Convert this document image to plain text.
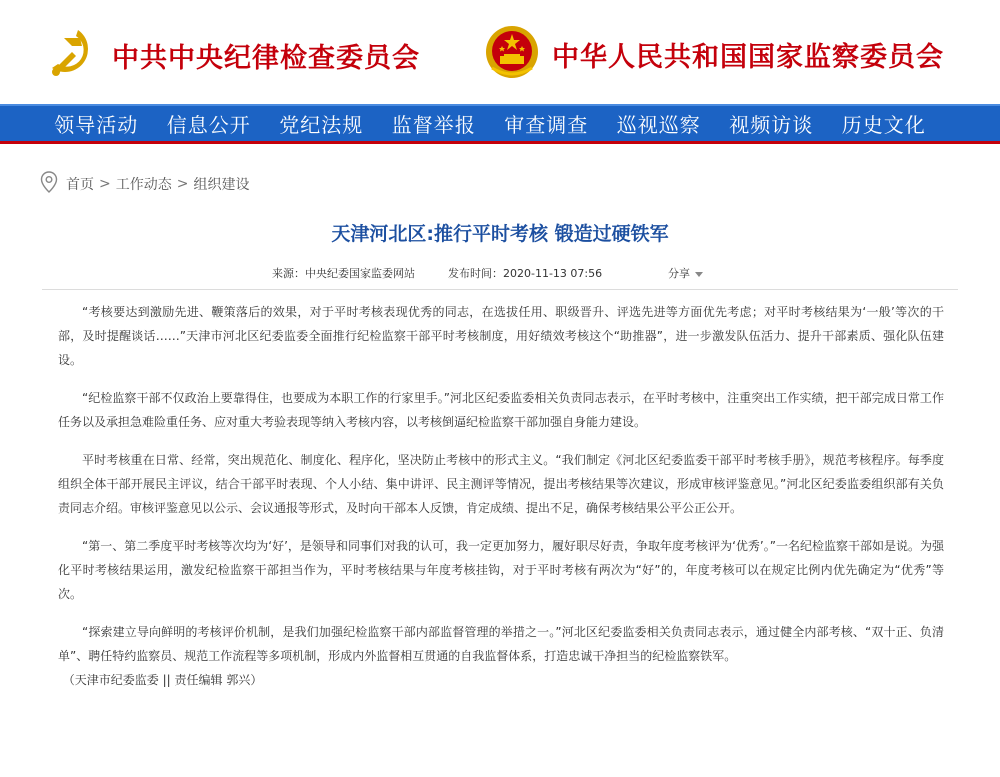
中共中央纪律检查委员会	中华人民共和国国家监察委员会
领导活动	信息公开	党纪法规	监督举报	审查调查	巡视巡察	视频访谈	历史文化
首页 > 工作动态 > 组织建设
天津河北区:推行平时考核 锻造过硬铁军
来源：中央纪委国家监委网站	发布时间：2020-11-13 07:56	分享

“考核要达到激励先进、鞭策落后的效果，对于平时考核表现优秀的同志，在选拔任用、职级晋升、评选先进等方面优先考虑；对平时考核结果为‘一般’等次的干部，及时提醒谈话……”天津市河北区纪委监委全面推行纪检监察干部平时考核制度，用好绩效考核这个“助推器”，进一步激发队伍活力、提升干部素质、强化队伍建设。

“纪检监察干部不仅政治上要靠得住，也要成为本职工作的行家里手。”河北区纪委监委相关负责同志表示，在平时考核中，注重突出工作实绩，把干部完成日常工作任务以及承担急难险重任务、应对重大考验表现等纳入考核内容，以考核倒逼纪检监察干部加强自身能力建设。

平时考核重在日常、经常，突出规范化、制度化、程序化，坚决防止考核中的形式主义。“我们制定《河北区纪委监委干部平时考核手册》，规范考核程序。每季度组织全体干部开展民主评议，结合干部平时表现、个人小结、集中讲评、民主测评等情况，提出考核结果等次建议，形成审核评鉴意见。”河北区纪委监委组织部有关负责同志介绍。审核评鉴意见以公示、会议通报等形式，及时向干部本人反馈，肯定成绩、提出不足，确保考核结果公平公正公开。

“第一、第二季度平时考核等次均为‘好’，是领导和同事们对我的认可，我一定更加努力，履好职尽好责，争取年度考核评为‘优秀’。”一名纪检监察干部如是说。为强化平时考核结果运用，激发纪检监察干部担当作为，平时考核结果与年度考核挂钩，对于平时考核有两次为“好”的，年度考核可以在规定比例内优先确定为“优秀”等次。

“探索建立导向鲜明的考核评价机制，是我们加强纪检监察干部内部监督管理的举措之一。”河北区纪委监委相关负责同志表示，通过健全内部考核、“双十正、负清单”、聘任特约监察员、规范工作流程等多项机制，形成内外监督相互贯通的自我监督体系，打造忠诚干净担当的纪检监察铁军。

（天津市纪委监委 || 责任编辑 郭兴）
